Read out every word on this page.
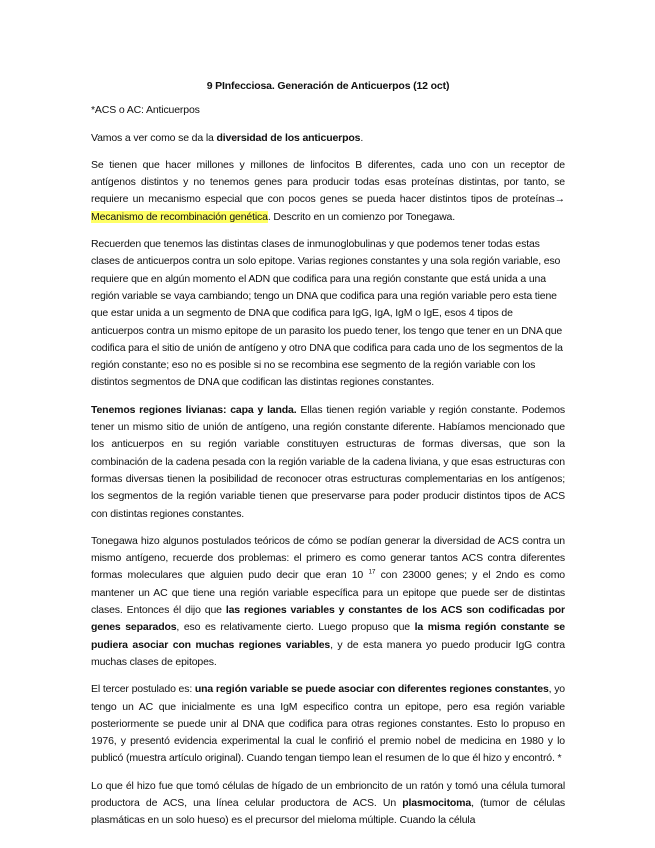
9 PInfecciosa. Generación de Anticuerpos (12 oct)

*ACS o AC: Anticuerpos

Vamos a ver como se da la diversidad de los anticuerpos.

Se tienen que hacer millones y millones de linfocitos B diferentes, cada uno con un receptor de antígenos distintos y no tenemos genes para producir todas esas proteínas distintas, por tanto, se requiere un mecanismo especial que con pocos genes se pueda hacer distintos tipos de proteínas→ Mecanismo de recombinación genética. Descrito en un comienzo por Tonegawa.

Recuerden que tenemos las distintas clases de inmunoglobulinas y que podemos tener todas estas clases de anticuerpos contra un solo epitope. Varias regiones constantes y una sola región variable, eso requiere que en algún momento el ADN que codifica para una región constante que está unida a una región variable se vaya cambiando; tengo un DNA que codifica para una región variable pero esta tiene que estar unida a un segmento de DNA que codifica para IgG, IgA, IgM o IgE, esos 4 tipos de anticuerpos contra un mismo epitope de un parasito los puedo tener, los tengo que tener en un DNA que codifica para el sitio de unión de antígeno y otro DNA que codifica para cada uno de los segmentos de la región constante; eso no es posible si no se recombina ese segmento de la región variable con los distintos segmentos de DNA que codifican las distintas regiones constantes.

Tenemos regiones livianas: capa y landa. Ellas tienen región variable y región constante. Podemos tener un mismo sitio de unión de antígeno, una región constante diferente. Habíamos mencionado que los anticuerpos en su región variable constituyen estructuras de formas diversas, que son la combinación de la cadena pesada con la región variable de la cadena liviana, y que esas estructuras con formas diversas tienen la posibilidad de reconocer otras estructuras complementarias en los antígenos; los segmentos de la región variable tienen que preservarse para poder producir distintos tipos de ACS con distintas regiones constantes.

Tonegawa hizo algunos postulados teóricos de cómo se podían generar la diversidad de ACS contra un mismo antígeno, recuerde dos problemas: el primero es como generar tantos ACS contra diferentes formas moleculares que alguien pudo decir que eran 10 $^{17}$ con 23000 genes; y el 2ndo es como mantener un AC que tiene una región variable específica para un epitope que puede ser de distintas clases. Entonces él dijo que las regiones variables y constantes de los ACS son codificadas por genes separados, eso es relativamente cierto. Luego propuso que la misma región constante se pudiera asociar con muchas regiones variables, y de esta manera yo puedo producir IgG contra muchas clases de epitopes.

El tercer postulado es: una región variable se puede asociar con diferentes regiones constantes, yo tengo un AC que inicialmente es una IgM especifico contra un epitope, pero esa región variable posteriormente se puede unir al DNA que codifica para otras regiones constantes. Esto lo propuso en 1976, y presentó evidencia experimental la cual le confirió el premio nobel de medicina en 1980 y lo publicó (muestra artículo original). Cuando tengan tiempo lean el resumen de lo que él hizo y encontró. *

Lo que él hizo fue que tomó células de hígado de un embrioncito de un ratón y tomó una célula tumoral productora de ACS, una línea celular productora de ACS. Un plasmocitoma, (tumor de células plasmáticas en un solo hueso) es el precursor del mieloma múltiple. Cuando la célula
